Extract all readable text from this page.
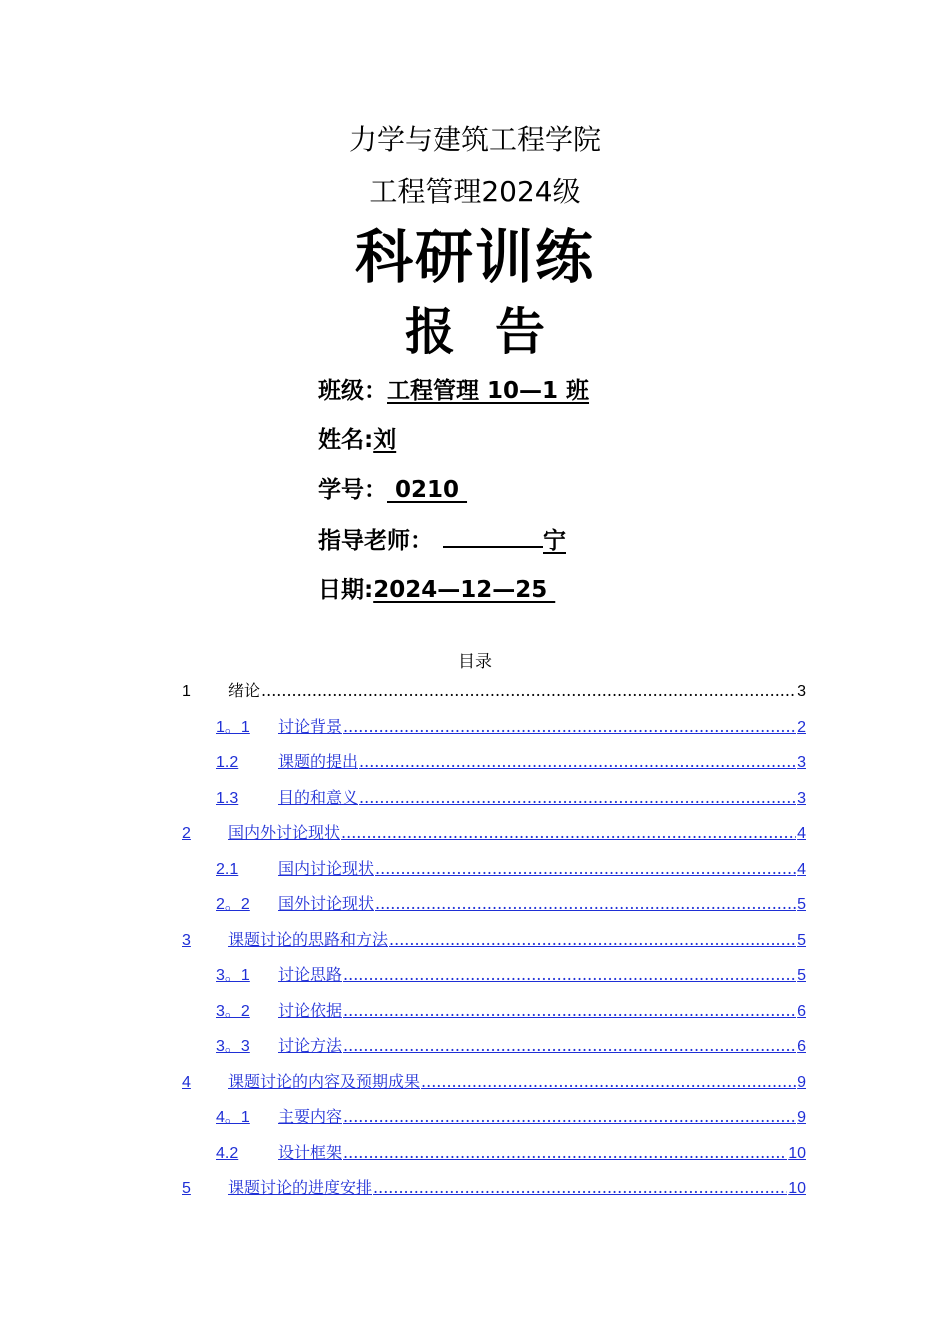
力学与建筑工程学院
工程管理2024级
科研训练
报告
班级：工程管理 10—1 班
姓名:刘
学号： 0210
指导老师：	宁
日期:2024—12—25
目录
1	绪论 .....	3
1。1	讨论背景 .....	2
1.2	课题的提出 .....	3
1.3	目的和意义 .....	3
2	国内外讨论现状 .....	4
2.1	国内讨论现状 .....	4
2。2	国外讨论现状 .....	5
3	课题讨论的思路和方法 .....	5
3。1	讨论思路 .....	5
3。2	讨论依据 .....	6
3。3	讨论方法 .....	6
4	课题讨论的内容及预期成果 .....	9
4。1	主要内容 .....	9
4.2	设计框架 .....	10
5	课题讨论的进度安排 .....	10
